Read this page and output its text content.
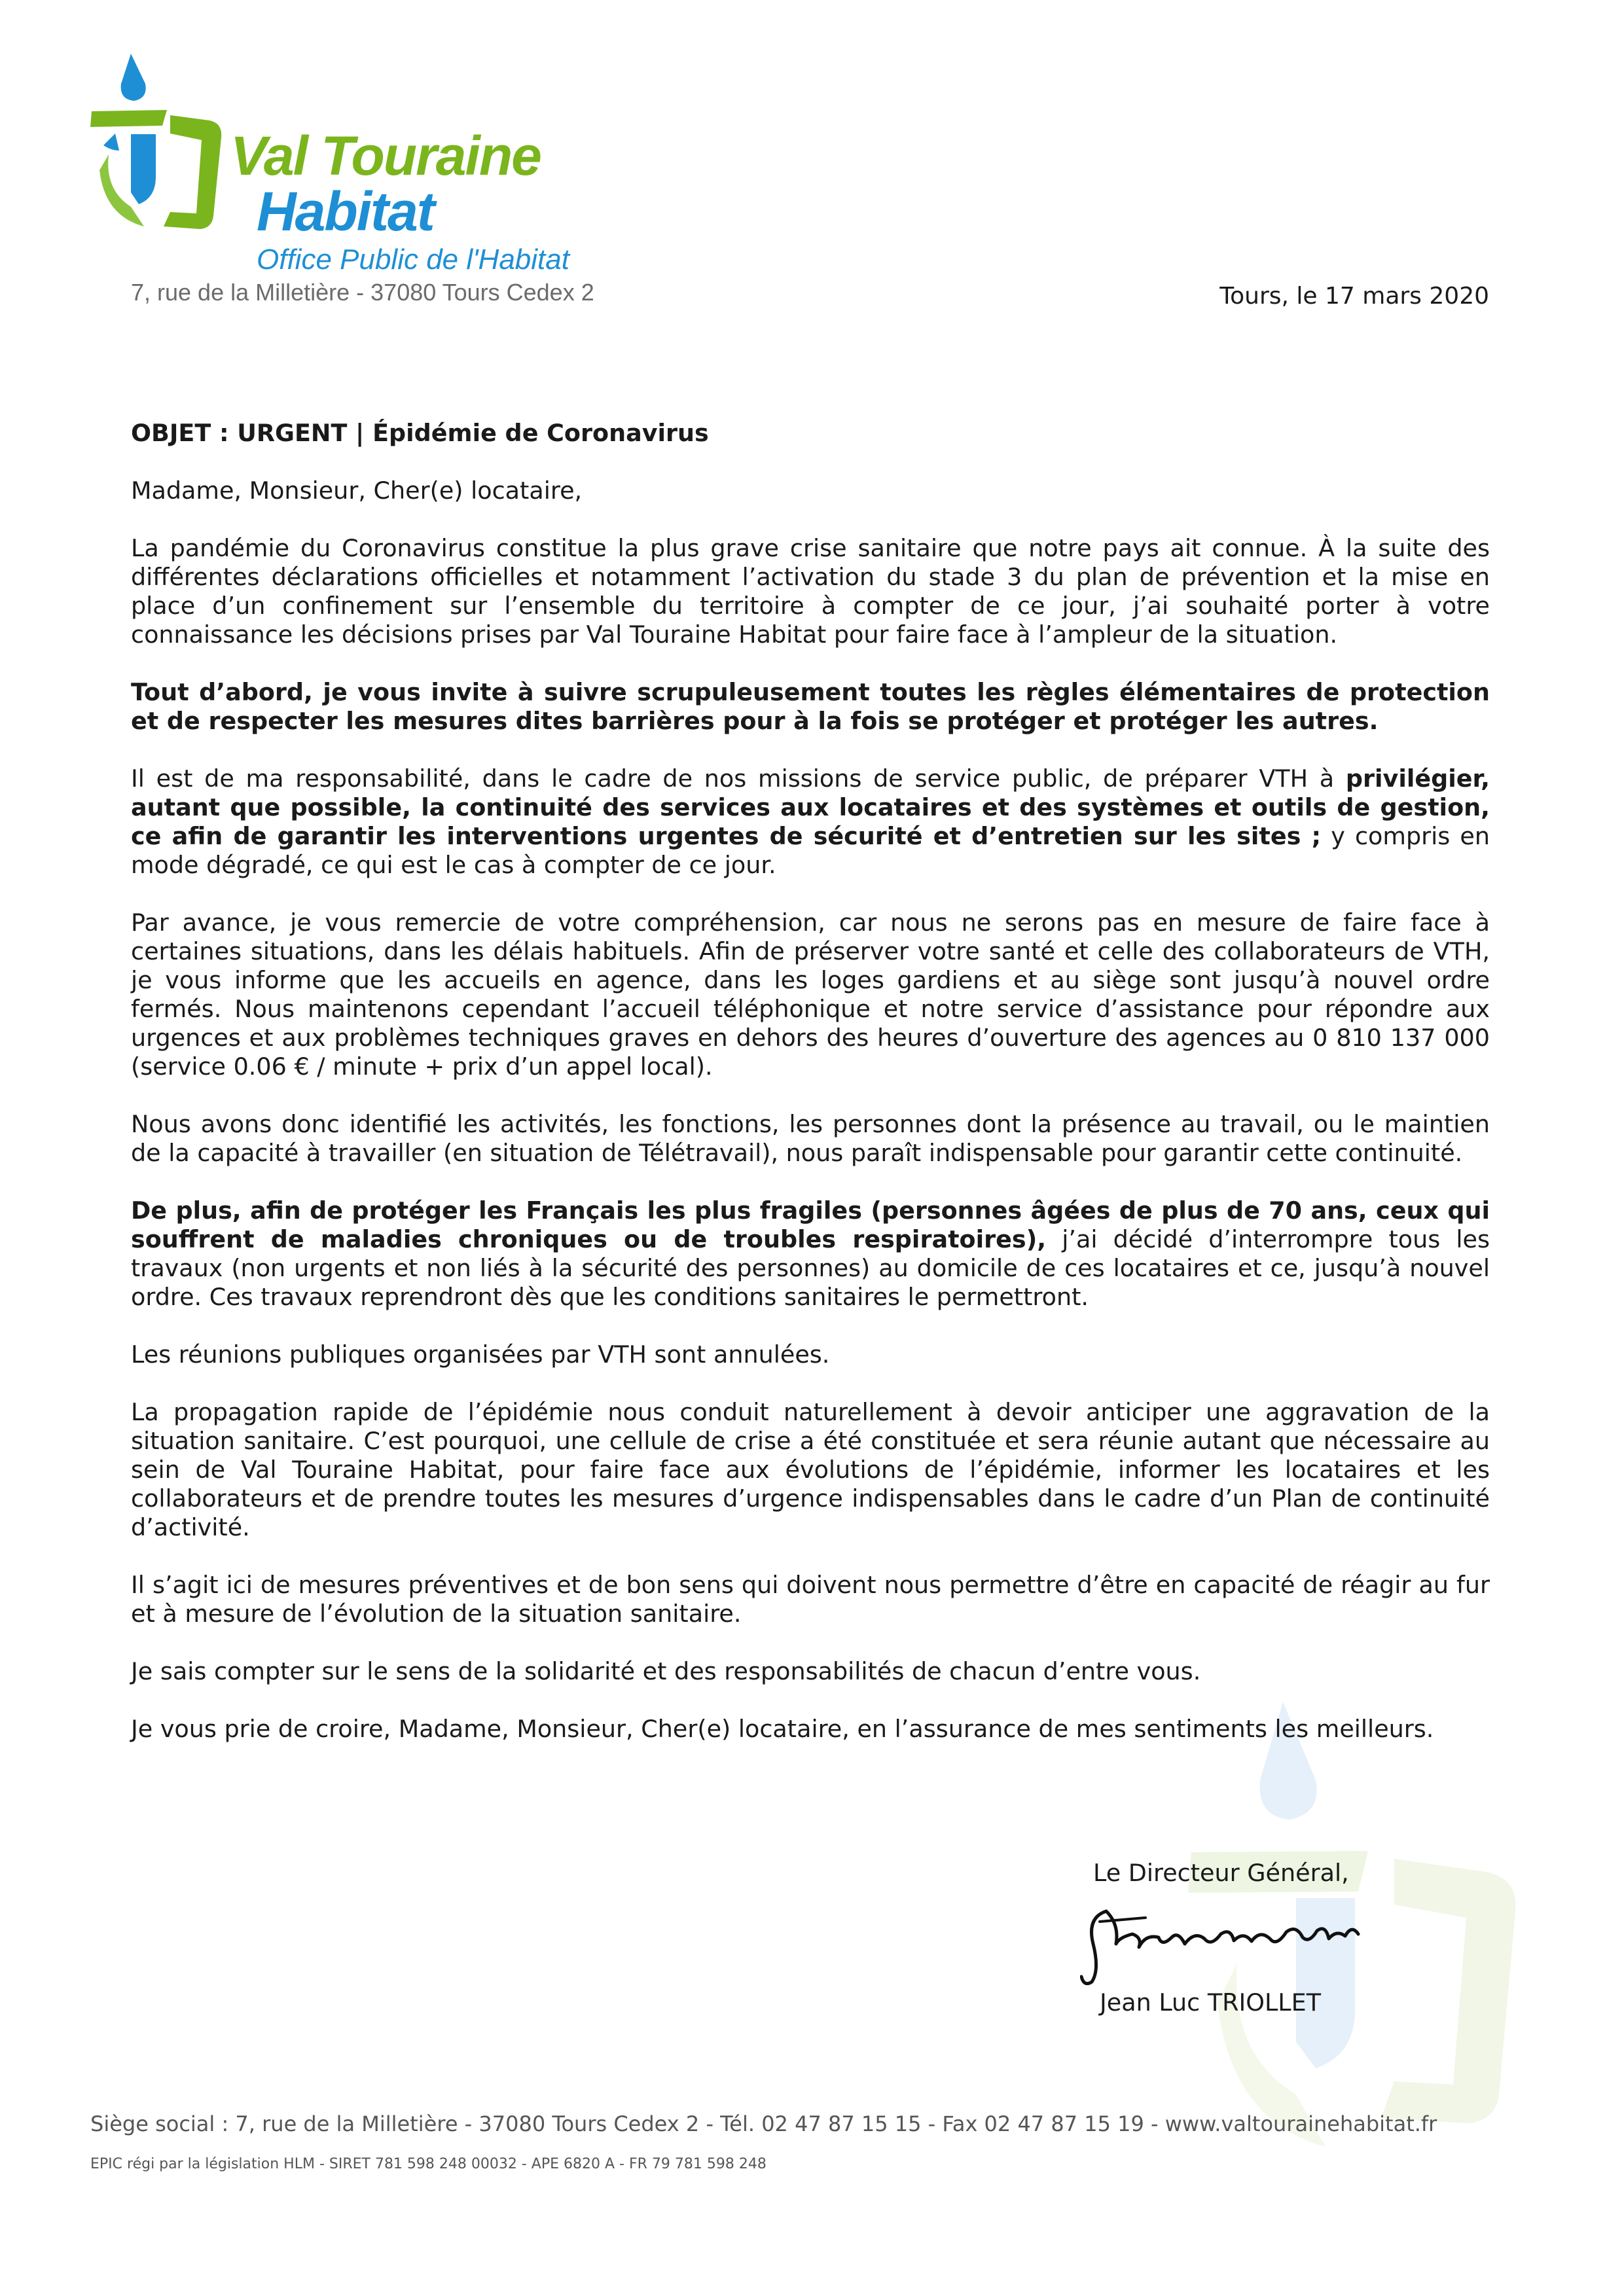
Val Touraine
Habitat
Office Public de l'Habitat
7, rue de la Milletière - 37080 Tours Cedex 2	Tours, le 17 mars 2020

OBJET : URGENT | Épidémie de Coronavirus

Madame, Monsieur, Cher(e) locataire,

La pandémie du Coronavirus constitue la plus grave crise sanitaire que notre pays ait connue. À la suite des différentes déclarations officielles et notamment l’activation du stade 3 du plan de prévention et la mise en place d’un confinement sur l’ensemble du territoire à compter de ce jour, j’ai souhaité porter à votre connaissance les décisions prises par Val Touraine Habitat pour faire face à l’ampleur de la situation.

Tout d’abord, je vous invite à suivre scrupuleusement toutes les règles élémentaires de protection et de respecter les mesures dites barrières pour à la fois se protéger et protéger les autres.

Il est de ma responsabilité, dans le cadre de nos missions de service public, de préparer VTH à privilégier, autant que possible, la continuité des services aux locataires et des systèmes et outils de gestion, ce afin de garantir les interventions urgentes de sécurité et d’entretien sur les sites ; y compris en mode dégradé, ce qui est le cas à compter de ce jour.

Par avance, je vous remercie de votre compréhension, car nous ne serons pas en mesure de faire face à certaines situations, dans les délais habituels. Afin de préserver votre santé et celle des collaborateurs de VTH, je vous informe que les accueils en agence, dans les loges gardiens et au siège sont jusqu’à nouvel ordre fermés. Nous maintenons cependant l’accueil téléphonique et notre service d’assistance pour répondre aux urgences et aux problèmes techniques graves en dehors des heures d’ouverture des agences au 0 810 137 000 (service 0.06 € / minute + prix d’un appel local).

Nous avons donc identifié les activités, les fonctions, les personnes dont la présence au travail, ou le maintien de la capacité à travailler (en situation de Télétravail), nous paraît indispensable pour garantir cette continuité.

De plus, afin de protéger les Français les plus fragiles (personnes âgées de plus de 70 ans, ceux qui souffrent de maladies chroniques ou de troubles respiratoires), j’ai décidé d’interrompre tous les travaux (non urgents et non liés à la sécurité des personnes) au domicile de ces locataires et ce, jusqu’à nouvel ordre. Ces travaux reprendront dès que les conditions sanitaires le permettront.

Les réunions publiques organisées par VTH sont annulées.

La propagation rapide de l’épidémie nous conduit naturellement à devoir anticiper une aggravation de la situation sanitaire. C’est pourquoi, une cellule de crise a été constituée et sera réunie autant que nécessaire au sein de Val Touraine Habitat, pour faire face aux évolutions de l’épidémie, informer les locataires et les collaborateurs et de prendre toutes les mesures d’urgence indispensables dans le cadre d’un Plan de continuité d’activité.

Il s’agit ici de mesures préventives et de bon sens qui doivent nous permettre d’être en capacité de réagir au fur et à mesure de l’évolution de la situation sanitaire.

Je sais compter sur le sens de la solidarité et des responsabilités de chacun d’entre vous.

Je vous prie de croire, Madame, Monsieur, Cher(e) locataire, en l’assurance de mes sentiments les meilleurs.

Le Directeur Général,
Jean Luc TRIOLLET
Siège social : 7, rue de la Milletière - 37080 Tours Cedex 2 - Tél. 02 47 87 15 15 - Fax 02 47 87 15 19 - www.valtourainehabitat.fr
EPIC régi par la législation HLM - SIRET 781 598 248 00032 - APE 6820 A - FR 79 781 598 248
